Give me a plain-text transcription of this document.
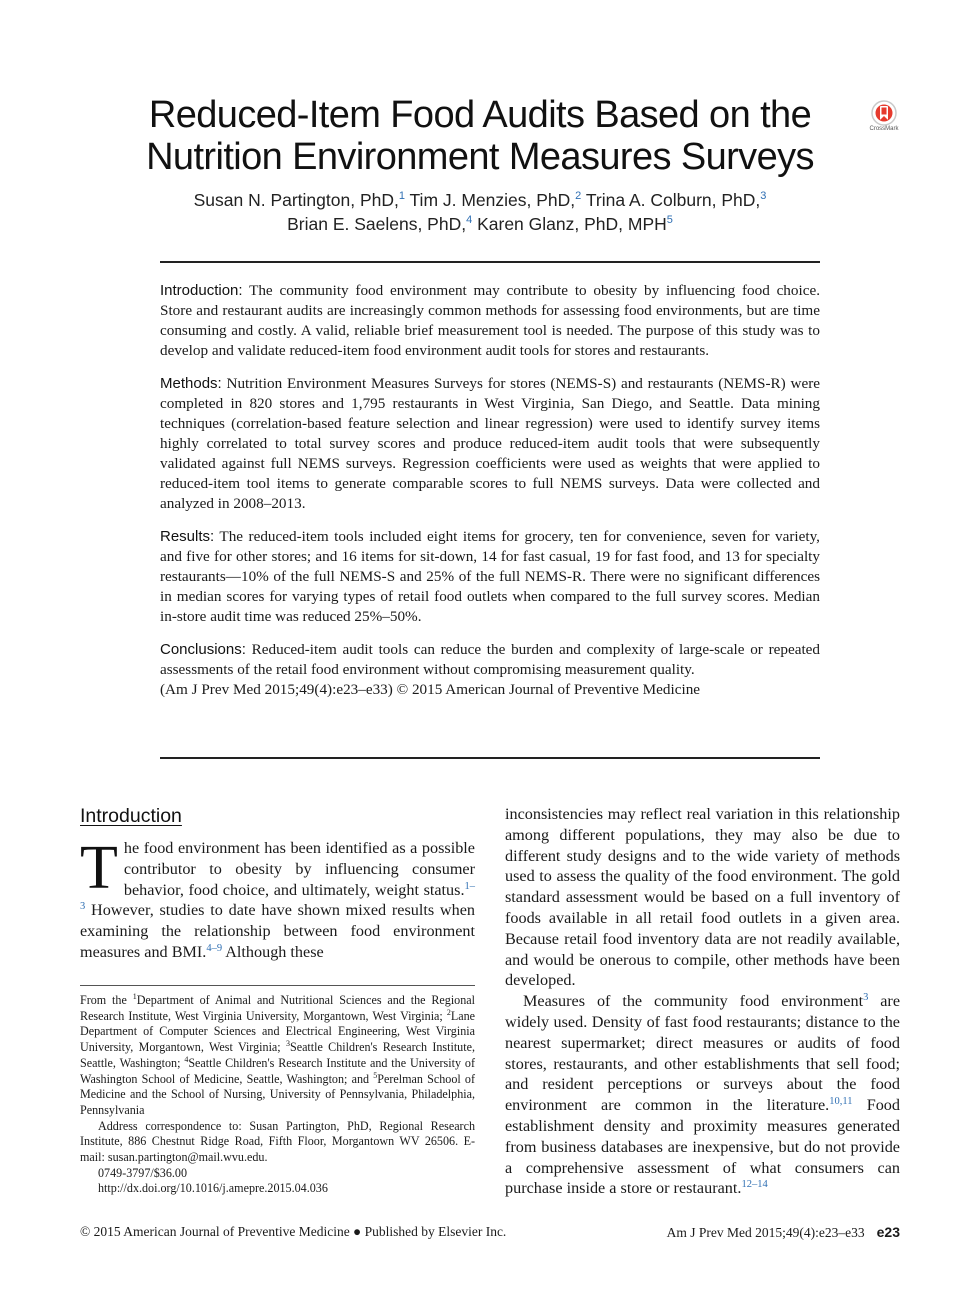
Reduced-Item Food Audits Based on the Nutrition Environment Measures Surveys
CrossMark
Susan N. Partington, PhD,$^1$ Tim J. Menzies, PhD,$^2$ Trina A. Colburn, PhD,$^3$
Brian E. Saelens, PhD,$^4$ Karen Glanz, PhD, MPH$^5$

Introduction: The community food environment may contribute to obesity by influencing food choice. Store and restaurant audits are increasingly common methods for assessing food environments, but are time consuming and costly. A valid, reliable brief measurement tool is needed. The purpose of this study was to develop and validate reduced-item food environment audit tools for stores and restaurants.

Methods: Nutrition Environment Measures Surveys for stores (NEMS-S) and restaurants (NEMS-R) were completed in 820 stores and 1,795 restaurants in West Virginia, San Diego, and Seattle. Data mining techniques (correlation-based feature selection and linear regression) were used to identify survey items highly correlated to total survey scores and produce reduced-item audit tools that were subsequently validated against full NEMS surveys. Regression coefficients were used as weights that were applied to reduced-item tool items to generate comparable scores to full NEMS surveys. Data were collected and analyzed in 2008–2013.

Results: The reduced-item tools included eight items for grocery, ten for convenience, seven for variety, and five for other stores; and 16 items for sit-down, 14 for fast casual, 19 for fast food, and 13 for specialty restaurants—10% of the full NEMS-S and 25% of the full NEMS-R. There were no significant differences in median scores for varying types of retail food outlets when compared to the full survey scores. Median in-store audit time was reduced 25%–50%.

Conclusions: Reduced-item audit tools can reduce the burden and complexity of large-scale or repeated assessments of the retail food environment without compromising measurement quality.
(Am J Prev Med 2015;49(4):e23–e33) © 2015 American Journal of Preventive Medicine

Introduction

The food environment has been identified as a possible contributor to obesity by influencing consumer behavior, food choice, and ultimately, weight status.$^{1-3}$ However, studies to date have shown mixed results when examining the relationship between food environment measures and BMI.$^{4-9}$ Although these

From the $^1$Department of Animal and Nutritional Sciences and the Regional Research Institute, West Virginia University, Morgantown, West Virginia; $^2$Lane Department of Computer Sciences and Electrical Engineering, West Virginia University, Morgantown, West Virginia; $^3$Seattle Children's Research Institute, Seattle, Washington; $^4$Seattle Children's Research Institute and the University of Washington School of Medicine, Seattle, Washington; and $^5$Perelman School of Medicine and the School of Nursing, University of Pennsylvania, Philadelphia, Pennsylvania

Address correspondence to: Susan Partington, PhD, Regional Research Institute, 886 Chestnut Ridge Road, Fifth Floor, Morgantown WV 26506. E-mail: susan.partington@mail.wvu.edu.

0749-3797/$36.00

http://dx.doi.org/10.1016/j.amepre.2015.04.036

inconsistencies may reflect real variation in this relationship among different populations, they may also be due to different study designs and to the wide variety of methods used to assess the quality of the food environment. The gold standard assessment would be based on a full inventory of foods available in all retail food outlets in a given area. Because retail food inventory data are not readily available, and would be onerous to compile, other methods have been developed.

Measures of the community food environment$^3$ are widely used. Density of fast food restaurants; distance to the nearest supermarket; direct measures or audits of food stores, restaurants, and other establishments that sell food; and resident perceptions or surveys about the food environment are common in the literature.$^{10,11}$ Food establishment density and proximity measures generated from business databases are inexpensive, but do not provide a comprehensive assessment of what consumers can purchase inside a store or restaurant.$^{12-14}$

© 2015 American Journal of Preventive Medicine ● Published by Elsevier Inc.	Am J Prev Med 2015;49(4):e23–e33 e23
